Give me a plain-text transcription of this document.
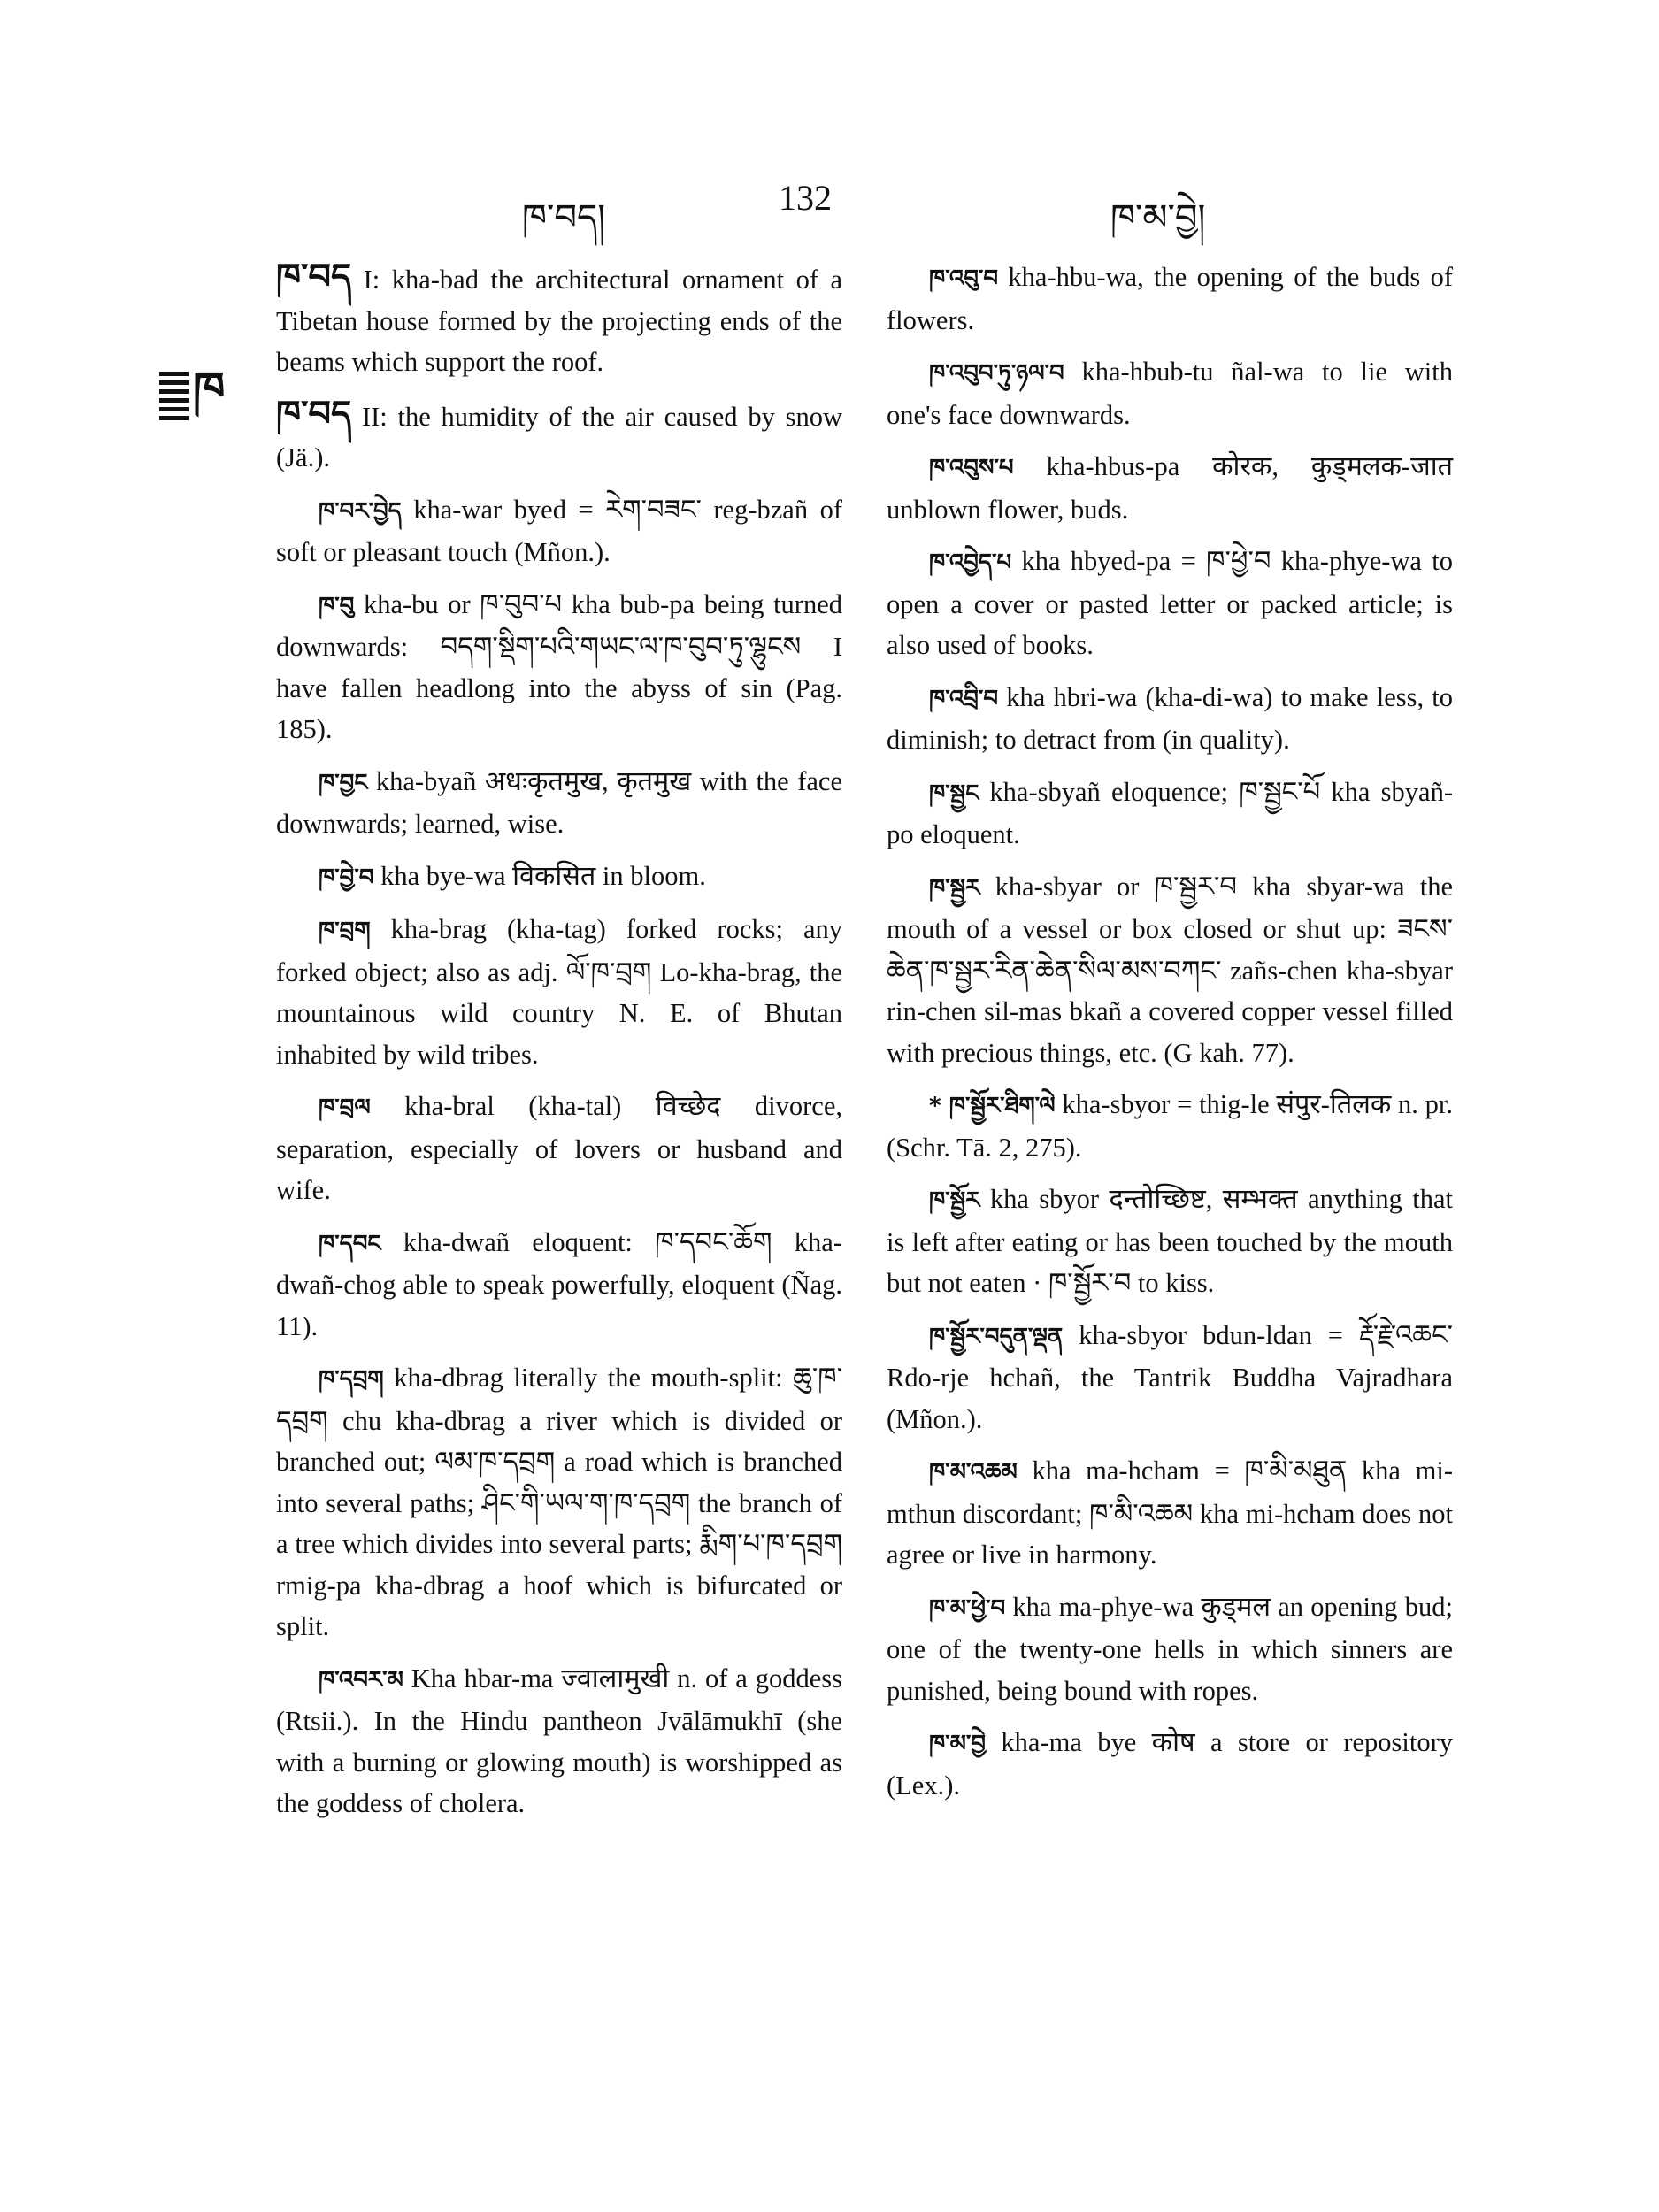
ཁ་བད།	132	ཁ་མ་བྱེ།
ཁ

ཁ་བད I: kha-bad the architectural ornament of a Tibetan house formed by the projecting ends of the beams which support the roof.

ཁ་བད II: the humidity of the air caused by snow (Jä.).

ཁ་བར་བྱེད kha-war byed = རེག་བཟང་ reg-bzañ of soft or pleasant touch (Mñon.).

ཁ་བུ kha-bu or ཁ་བུབ་པ kha bub-pa being turned downwards: བདག་སྡིག་པའི་གཡང་ལ་ཁ་བུབ་ཏུ་ལྷུངས I have fallen headlong into the abyss of sin (Pag. 185).

ཁ་བྱང kha-byañ अधःकृतमुख, कृतमुख with the face downwards; learned, wise.

ཁ་བྱེ་བ kha bye-wa विकसित in bloom.

ཁ་བྲག kha-brag (kha-tag) forked rocks; any forked object; also as adj. ལོ་ཁ་བྲག Lo-kha-brag, the mountainous wild country N. E. of Bhutan inhabited by wild tribes.

ཁ་བྲལ kha-bral (kha-tal) विच्छेद divorce, separation, especially of lovers or husband and wife.

ཁ་དབང kha-dwañ eloquent: ཁ་དབང་ཆོག kha-dwañ-chog able to speak powerfully, eloquent (Ñag. 11).

ཁ་དབྲག kha-dbrag literally the mouth-split: ཆུ་ཁ་དབྲག chu kha-dbrag a river which is divided or branched out; ལམ་ཁ་དབྲག a road which is branched into several paths; ཤིང་གི་ཡལ་ག་ཁ་དབྲག the branch of a tree which divides into several parts; རྨིག་པ་ཁ་དབྲག rmig-pa kha-dbrag a hoof which is bifurcated or split.

ཁ་འབར་མ Kha hbar-ma ज्वालामुखी n. of a goddess (Rtsii.). In the Hindu pantheon Jvālāmukhī (she with a burning or glowing mouth) is worshipped as the goddess of cholera.

ཁ་འབུ་བ kha-hbu-wa, the opening of the buds of flowers.

ཁ་འབུབ་ཏུ་ཉལ་བ kha-hbub-tu ñal-wa to lie with one's face downwards.

ཁ་འབུས་པ kha-hbus-pa कोरक, कुड्मलक-जात unblown flower, buds.

ཁ་འབྱེད་པ kha hbyed-pa = ཁ་ཕྱེ་བ kha-phye-wa to open a cover or pasted letter or packed article; is also used of books.

ཁ་འབྲི་བ kha hbri-wa (kha-di-wa) to make less, to diminish; to detract from (in quality).

ཁ་སྦྱང kha-sbyañ eloquence; ཁ་སྦྱང་པོ kha sbyañ-po eloquent.

ཁ་སྦྱར kha-sbyar or ཁ་སྦྱར་བ kha sbyar-wa the mouth of a vessel or box closed or shut up: ཟངས་ཆེན་ཁ་སྦྱར་རིན་ཆེན་སིལ་མས་བཀང་ zañs-chen kha-sbyar rin-chen sil-mas bkañ a covered copper vessel filled with precious things, etc. (G kah. 77).

* ཁ་སྦྱོར་ཐིག་ལེ kha-sbyor = thig-le संपुर-तिलक n. pr. (Schr. Tā. 2, 275).

ཁ་སྦྱོར kha sbyor दन्तोच्छिष्ट, सम्भक्त anything that is left after eating or has been touched by the mouth but not eaten · ཁ་སྦྱོར་བ to kiss.

ཁ་སྦྱོར་བདུན་ལྡན kha-sbyor bdun-ldan = རྡོ་རྗེ་འཆང་ Rdo-rje hchañ, the Tantrik Buddha Vajradhara (Mñon.).

ཁ་མ་འཆམ kha ma-hcham = ཁ་མི་མཐུན kha mi-mthun discordant; ཁ་མི་འཆམ kha mi-hcham does not agree or live in harmony.

ཁ་མ་ཕྱེ་བ kha ma-phye-wa कुड्मल an opening bud; one of the twenty-one hells in which sinners are punished, being bound with ropes.

ཁ་མ་བྱེ kha-ma bye कोष a store or repository (Lex.).
